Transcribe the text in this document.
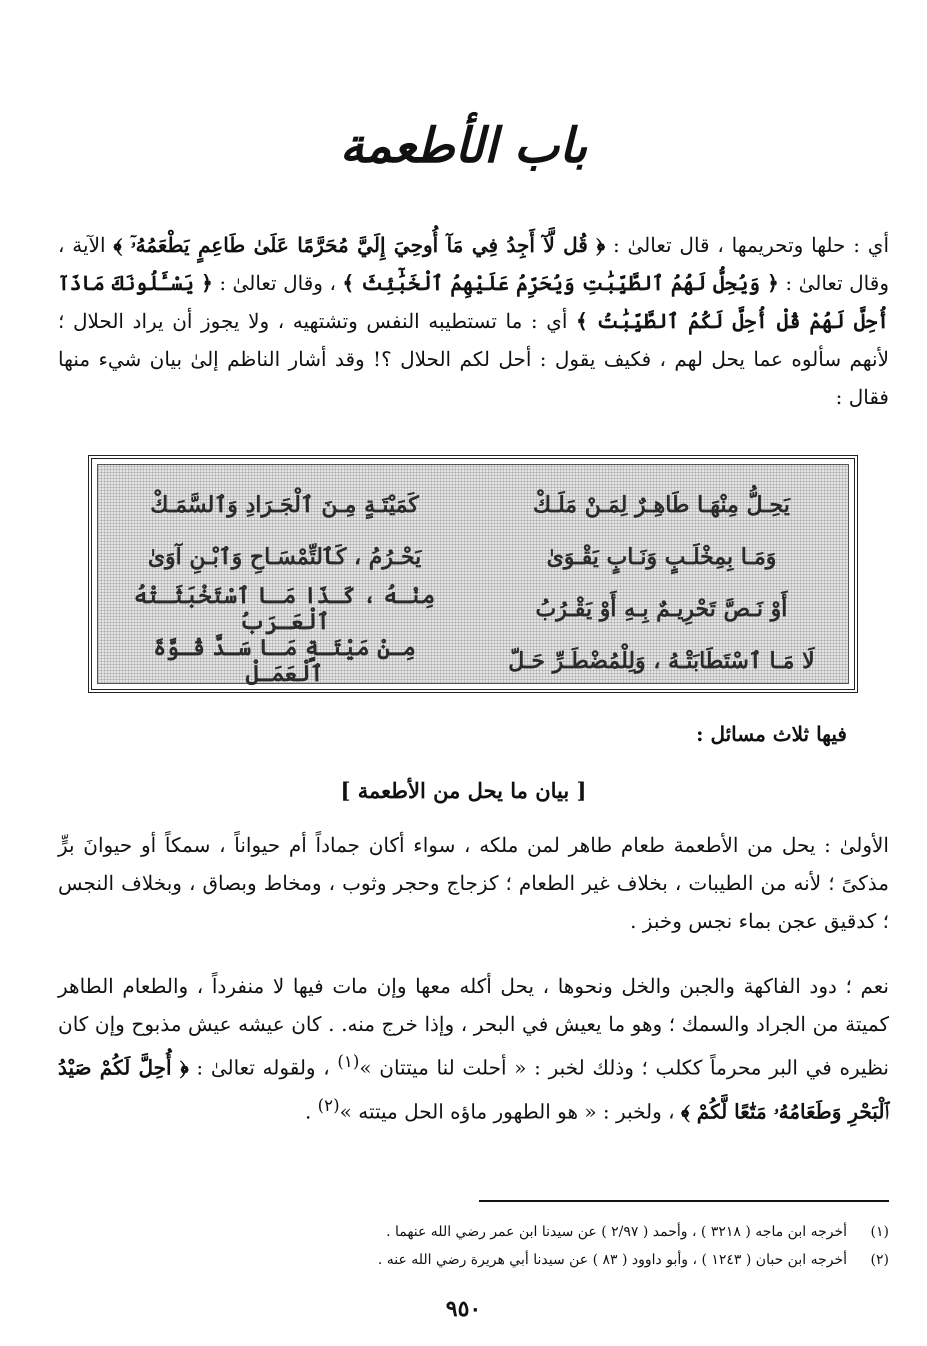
باب الأطعمة
أي : حلها وتحريمها ، قال تعالىٰ : ﴿ قُل لَّآ أَجِدُ فِي مَآ أُوحِيَ إِلَيَّ مُحَرَّمًا عَلَىٰ طَاعِمٍ يَطْعَمُهُۥٓ ﴾ الآية ، وقال تعالىٰ : ﴿ وَيُحِلُّ لَهُمُ ٱلطَّيِّبَٰتِ وَيُحَرِّمُ عَلَيْهِمُ ٱلْخَبَٰٓئِثَ ﴾ ، وقال تعالىٰ : ﴿ يَسْـَٔلُونَكَ مَاذَآ أُحِلَّ لَهُمْ قُلْ أُحِلَّ لَكُمُ ٱلطَّيِّبَٰتُ ﴾ أي : ما تستطيبه النفس وتشتهيه ، ولا يجوز أن يراد الحلال ؛ لأنهم سألوه عما يحل لهم ، فكيف يقول : أحل لكم الحلال ؟! وقد أشار الناظم إلىٰ بيان شيء منها فقال :
يَحِـلُّ مِنْهَـا طَاهِـرٌ لِمَـنْ مَلَـكْ
كَمَيْتَـةٍ مِـنَ ٱلْجَـرَادِ وَٱلسَّمَـكْ
وَمَـا بِمِخْلَـبٍ وَنَـابٍ يَقْـوَىٰ
يَحْـرُمُ ، كَٱلتِّمْسَـاحِ وَٱبْـنِ آوَىٰ
أَوْ نَـصَّ تَحْرِيـمٌ بِـهِ أَوْ يَقْـرُبُ
مِنْـهُ ، كَـذَا مَـا ٱسْتَخْبَثَـتْهُ ٱلْعَـرَبُ
لَا مَـا ٱسْتَطَابَتْـهُ ، وَلِلْمُضْطَـرِّ حَـلّ
مِـنْ مَيْتَـةٍ مَـا سَـدَّ قُـوَّةَ ٱلْعَمَـلْ
فيها ثلاث مسائل :
[ بيان ما يحل من الأطعمة ]
الأولىٰ : يحل من الأطعمة طعام طاهر لمن ملكه ، سواء أكان جماداً أم حيواناً ، سمكاً أو حيوانَ برٍّ مذكىً ؛ لأنه من الطيبات ، بخلاف غير الطعام ؛ كزجاج وحجر وثوب ، ومخاط وبصاق ، وبخلاف النجس ؛ كدقيق عجن بماء نجس وخبز .
نعم ؛ دود الفاكهة والجبن والخل ونحوها ، يحل أكله معها وإن مات فيها لا منفرداً ، والطعام الطاهر كميتة من الجراد والسمك ؛ وهو ما يعيش في البحر ، وإذا خرج منه. . كان عيشه عيش مذبوح وإن كان نظيره في البر محرماً ككلب ؛ وذلك لخبر : « أحلت لنا ميتتان »$^{(١)}$ ، ولقوله تعالىٰ : ﴿ أُحِلَّ لَكُمْ صَيْدُ ٱلْبَحْرِ وَطَعَامُهُۥ مَتَٰعًا لَّكُمْ ﴾ ، ولخبر : « هو الطهور ماؤه الحل ميتته »$^{(٢)}$ .
(١)
أخرجه ابن ماجه ( ٣٢١٨ ) ، وأحمد ( ٢/٩٧ ) عن سيدنا ابن عمر رضي الله عنهما .
(٢)
أخرجه ابن حبان ( ١٢٤٣ ) ، وأبو داوود ( ٨٣ ) عن سيدنا أبي هريرة رضي الله عنه .
٩٥٠
